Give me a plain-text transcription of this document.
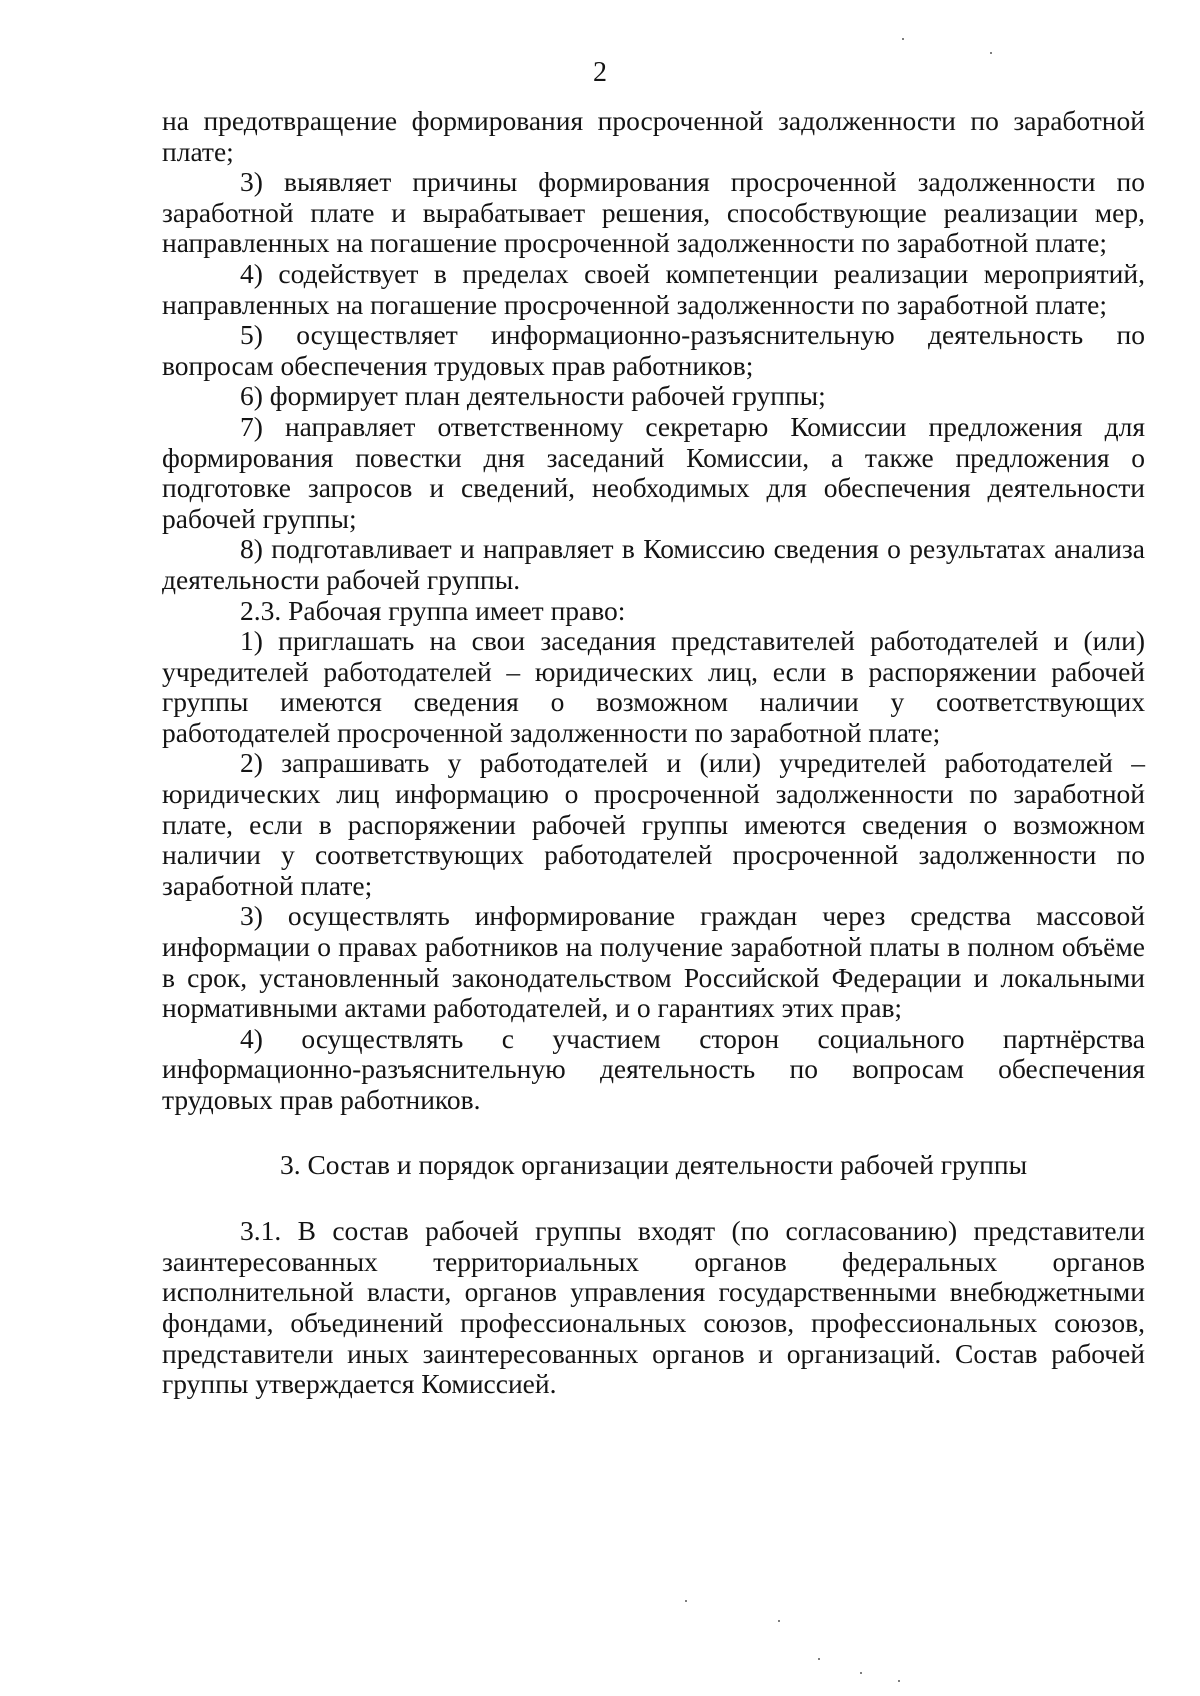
2

на предотвращение формирования просроченной задолженности по заработной плате;

3) выявляет причины формирования просроченной задолженности по заработной плате и вырабатывает решения, способствующие реализации мер, направленных на погашение просроченной задолженности по заработной плате;

4) содействует в пределах своей компетенции реализации мероприятий, направленных на погашение просроченной задолженности по заработной плате;

5) осуществляет информационно-разъяснительную деятельность по вопросам обеспечения трудовых прав работников;

6) формирует план деятельности рабочей группы;

7) направляет ответственному секретарю Комиссии предложения для формирования повестки дня заседаний Комиссии, а также предложения о подготовке запросов и сведений, необходимых для обеспечения деятельности рабочей группы;

8) подготавливает и направляет в Комиссию сведения о результатах анализа деятельности рабочей группы.

2.3. Рабочая группа имеет право:

1) приглашать на свои заседания представителей работодателей и (или) учредителей работодателей – юридических лиц, если в распоряжении рабочей группы имеются сведения о возможном наличии у соответствующих работодателей просроченной задолженности по заработной плате;

2) запрашивать у работодателей и (или) учредителей работодателей – юридических лиц информацию о просроченной задолженности по заработной плате, если в распоряжении рабочей группы имеются сведения о возможном наличии у соответствующих работодателей просроченной задолженности по заработной плате;

3) осуществлять информирование граждан через средства массовой информации о правах работников на получение заработной платы в полном объёме в срок, установленный законодательством Российской Федерации и локальными нормативными актами работодателей, и о гарантиях этих прав;

4) осуществлять с участием сторон социального партнёрства информационно-разъяснительную деятельность по вопросам обеспечения трудовых прав работников.

3. Состав и порядок организации деятельности рабочей группы

3.1. В состав рабочей группы входят (по согласованию) представители заинтересованных территориальных органов федеральных органов исполнительной власти, органов управления государственными внебюджетными фондами, объединений профессиональных союзов, профессиональных союзов, представители иных заинтересованных органов и организаций. Состав рабочей группы утверждается Комиссией.
